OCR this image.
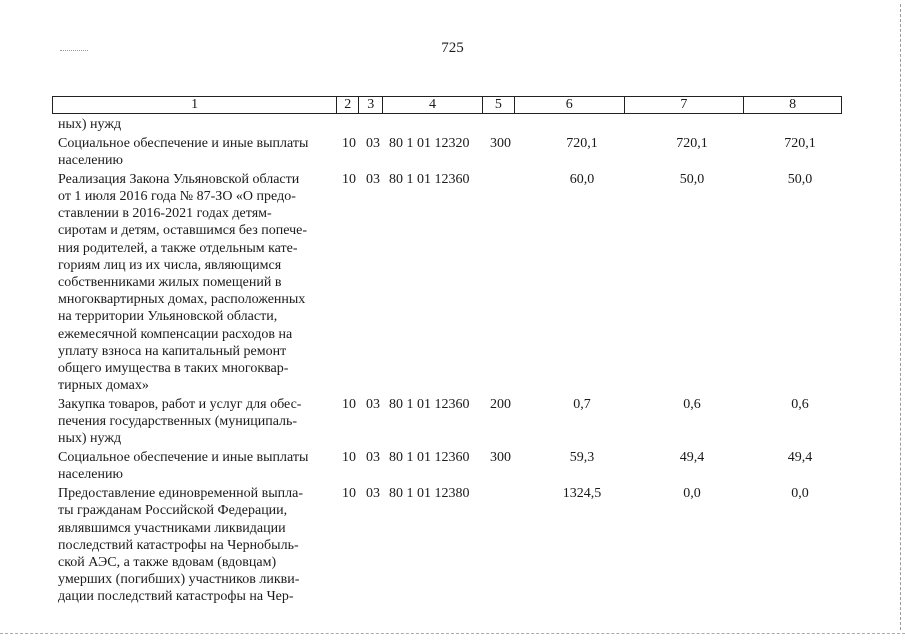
725
1	2	3	4	5	6	7	8
ных) нужд
Социальное обеспечение и иные выплаты
населению
10 03 80 1 01 12320 300	720,1	720,1	720,1
Реализация Закона Ульяновской области
от 1 июля 2016 года № 87-ЗО «О предо-
ставлении в 2016-2021 годах детям-
сиротам и детям, оставшимся без попече-
ния родителей, а также отдельным кате-
гориям лиц из их числа, являющимся
собственниками жилых помещений в
многоквартирных домах, расположенных
на территории Ульяновской области,
ежемесячной компенсации расходов на
уплату взноса на капитальный ремонт
общего имущества в таких многоквар-
тирных домах»
10 03 80 1 01 12360	60,0	50,0	50,0
Закупка товаров, работ и услуг для обес-
печения государственных (муниципаль-
ных) нужд
10 03 80 1 01 12360 200	0,7	0,6	0,6
Социальное обеспечение и иные выплаты
населению
10 03 80 1 01 12360 300	59,3	49,4	49,4
Предоставление единовременной выпла-
ты гражданам Российской Федерации,
являвшимся участниками ликвидации
последствий катастрофы на Чернобыль-
ской АЭС, а также вдовам (вдовцам)
умерших (погибших) участников ликви-
дации последствий катастрофы на Чер-
10 03 80 1 01 12380	1324,5	0,0	0,0
